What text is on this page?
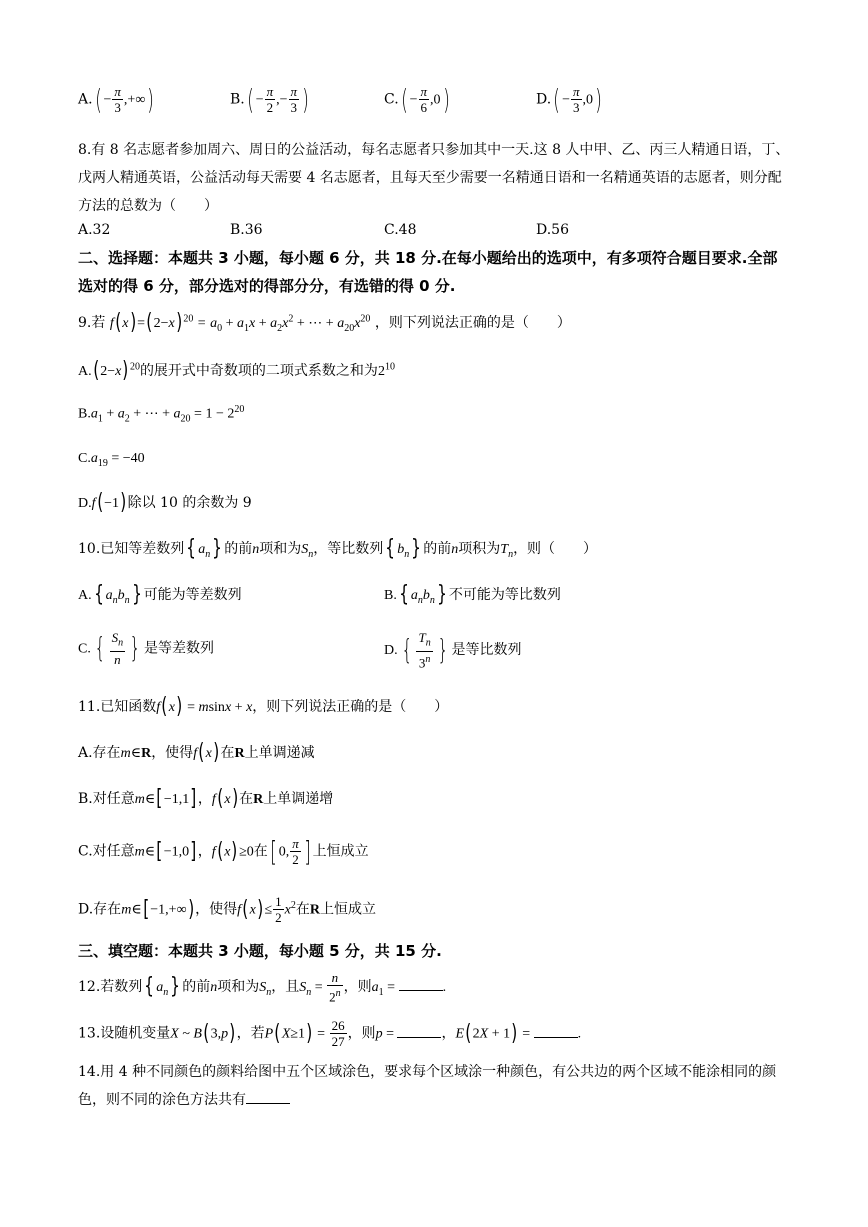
$A.( - \frac{\pi}{3}$ ,+∞)	$B.( - \frac{\pi}{2}$ ,− $\frac{\pi}{3}$ )	$C.( - \frac{\pi}{6} ,0)$	$D.( - \frac{\pi}{3} ,0)$
8.有 8 名志愿者参加周六、周日的公益活动，每名志愿者只参加其中一天.这 8 人中甲、乙、丙三人精通日语，丁、戊两人精通英语，公益活动每天需要 4 名志愿者，且每天至少需要一名精通日语和一名精通英语的志愿者，则分配方法的总数为（　　）
A.32	B.36	C.48	D.56
二、选择题：本题共 3 小题，每小题 6 分，共 18 分.在每小题给出的选项中，有多项符合题目要求.全部选对的得 6 分，部分选对的得部分分，有选错的得 0 分.
9.若 $f(x)=(2-x)^{20} = a_0 + a_1x + a_2x^2$ + ⋯ + $a_{20}x^{20}$ ，则下列说法正确的是（　　）
$A.(2-x)^{20}$的展开式中奇数项的二项式系数之和为$2^{10}$
$B.a_1 + a_2$ + ⋯ + $a_{20} = 1 - 2^{20}$
$C.a_{19} = -40$
D.f(−1)除以 10 的余数为 9
10.已知等差数列{ $a_n$} 的前n项和为$S_n$，等比数列{ $b_n$} 的前n项积为$T_n$，则（　　）
A.{ $a_nb_n$} 可能为等差数列	B.{ $a_nb_n$} 不可能为等比数列
C. { $\frac{S_n}{n}$ } 是等差数列	D. { $\frac{T_n}{3^n}$ } 是等比数列
11.已知函数f(x) = msinx + x，则下列说法正确的是（　　）
A.存在m∈R，使得f(x)在R上单调递减
B.对任意m∈[−1,1]，f(x)在R上单调递增
C.对任意m∈[−1,0]，f(x)≥0在[ 0, $\frac{\pi}{2}$ ] 上恒成立
D.存在m∈[−1,+∞)，使得$f(x)\le \frac{1}{2} x^2$在R上恒成立
三、填空题：本题共 3 小题，每小题 5 分，共 15 分.
12.若数列{ $a_n$} 的前n项和为$S_n$，且$S_n = \frac{n}{2^n}$ ，则$a_1$ =	.
13.设随机变量X ~ B(3,p)，若$P(X\ge 1) = \frac{26}{27}$ ，则p =	，E(2X + 1) =	.
14.用 4 种不同颜色的颜料给图中五个区域涂色，要求每个区域涂一种颜色，有公共边的两个区域不能涂相同的颜色，则不同的涂色方法共有
